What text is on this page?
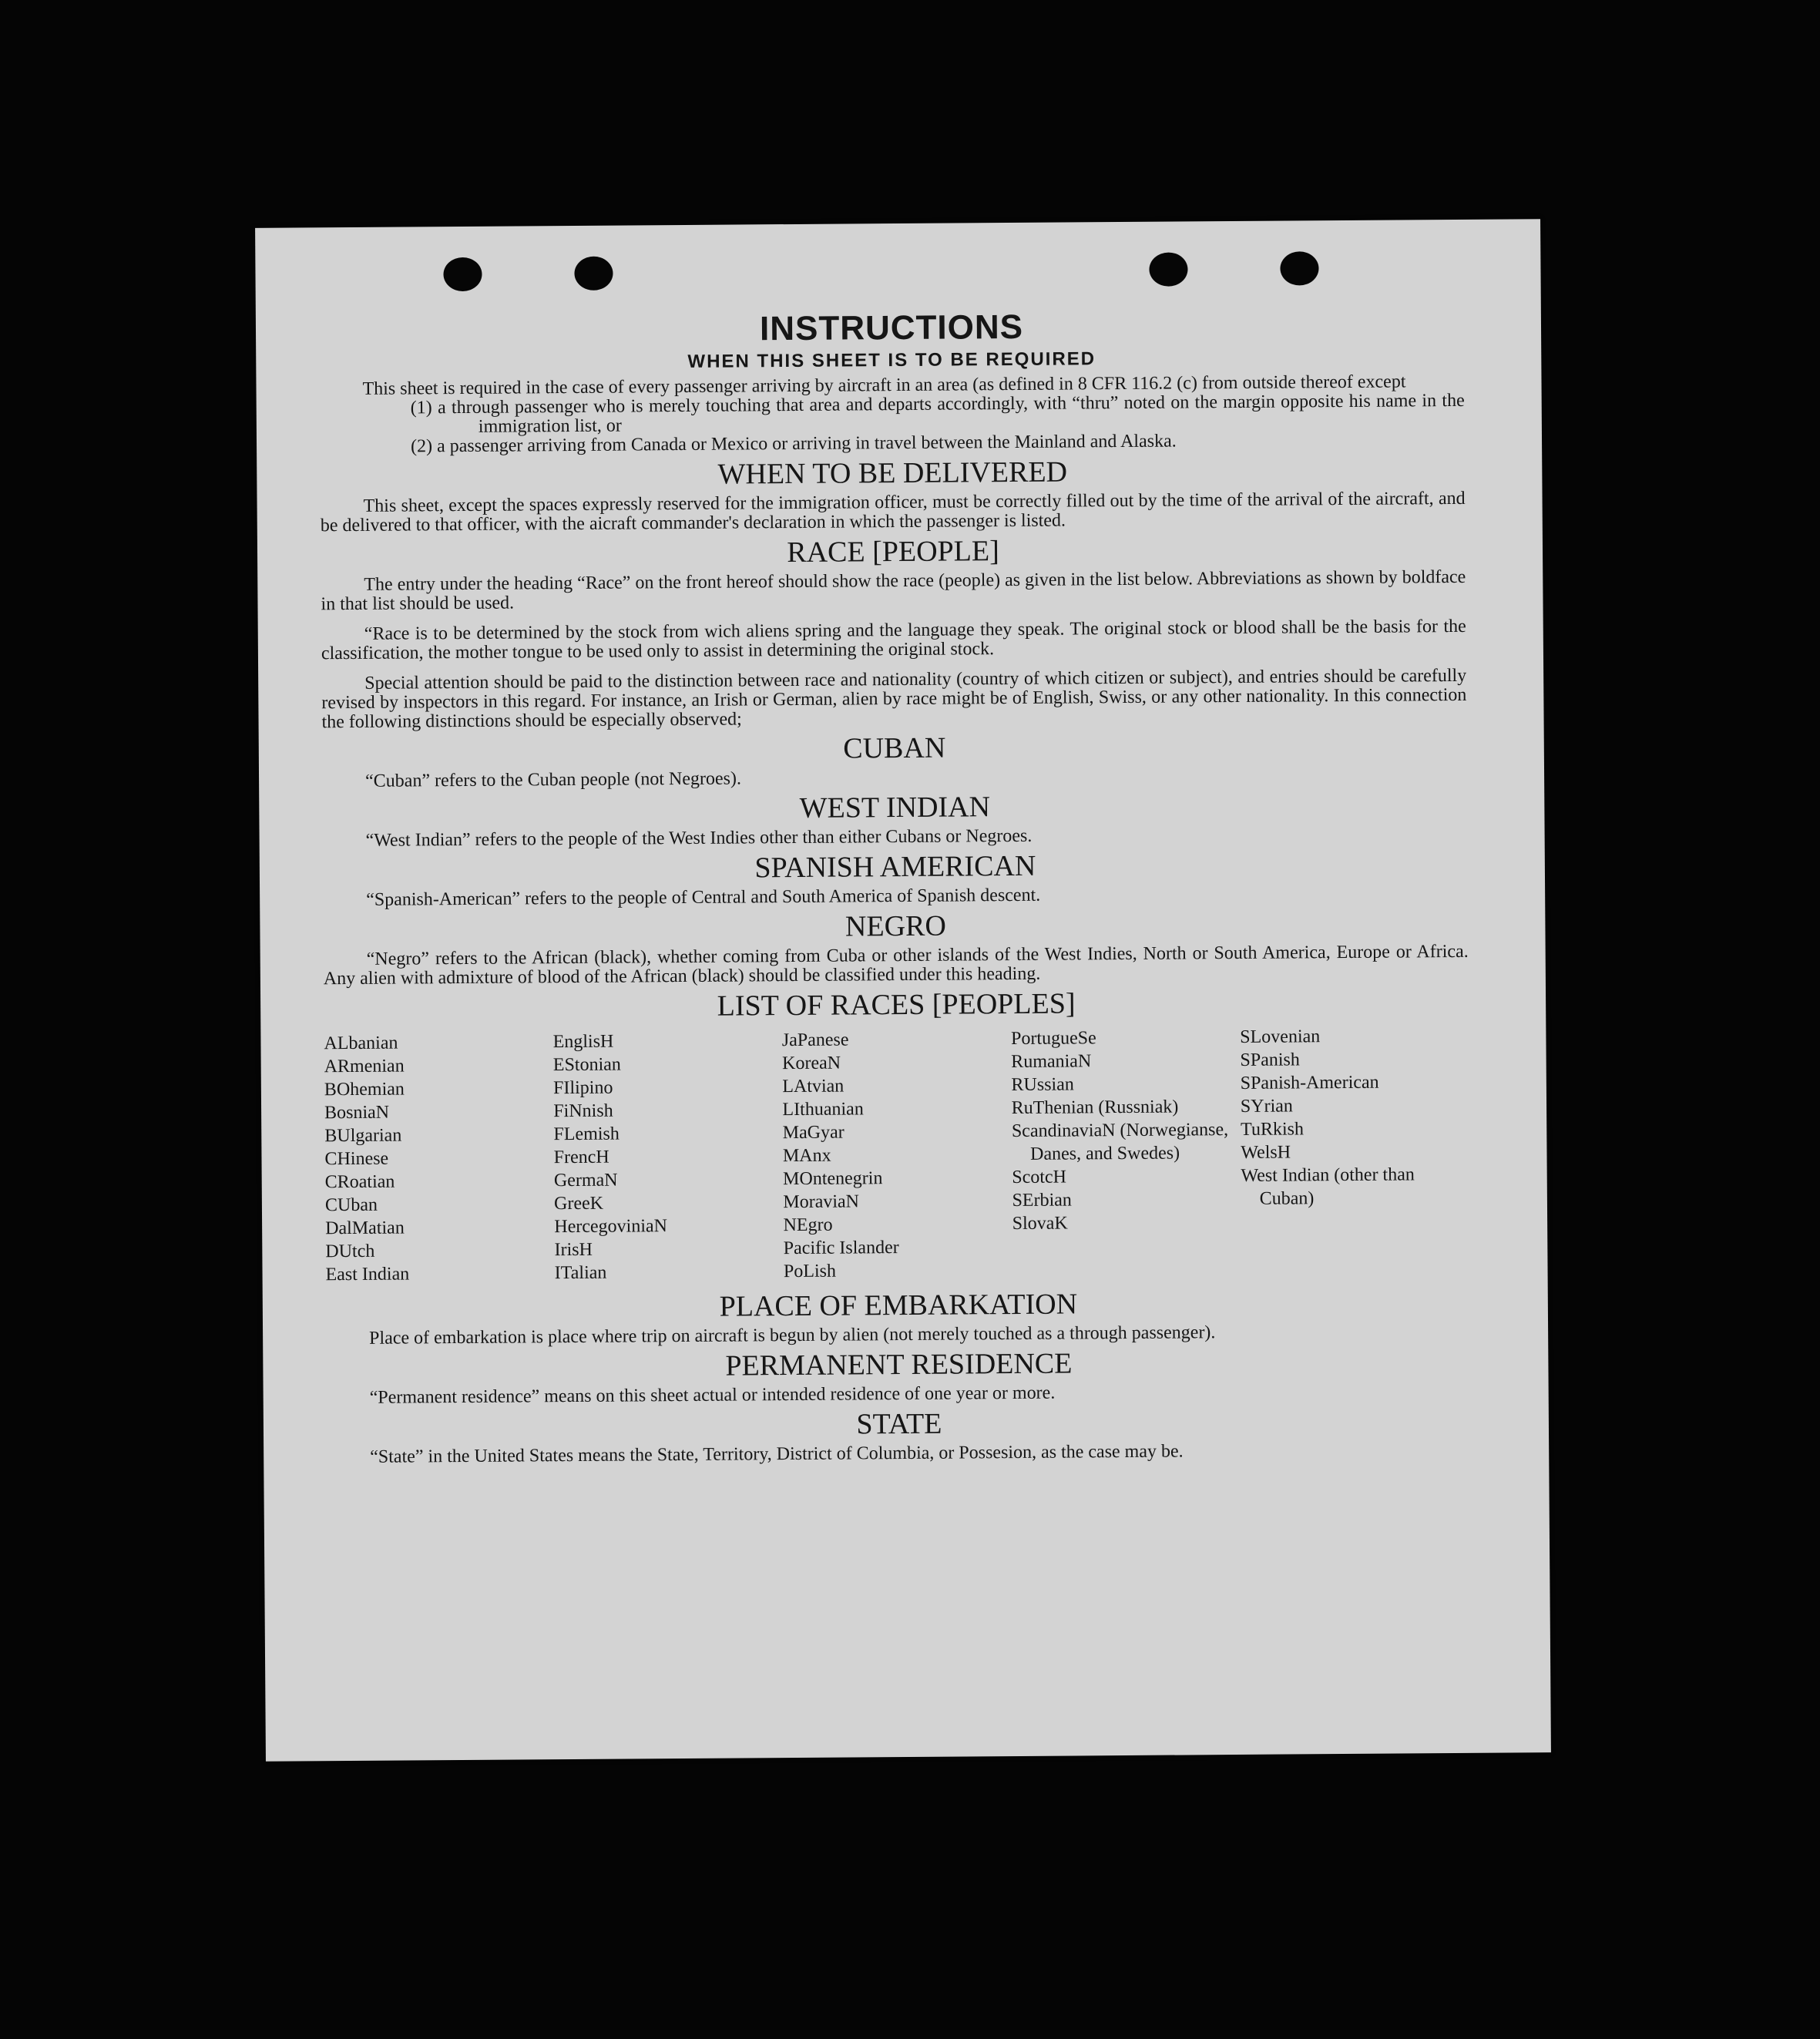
INSTRUCTIONS
WHEN THIS SHEET IS TO BE REQUIRED

This sheet is required in the case of every passenger arriving by aircraft in an area (as defined in 8 CFR 116.2 (c) from outside thereof except

(1) a through passenger who is merely touching that area and departs accordingly, with “thru” noted on the margin opposite his name in the immigration list, or
(2) a passenger arriving from Canada or Mexico or arriving in travel between the Mainland and Alaska.
WHEN TO BE DELIVERED

This sheet, except the spaces expressly reserved for the immigration officer, must be correctly filled out by the time of the arrival of the aircraft, and be delivered to that officer, with the aicraft commander's declaration in which the passenger is listed.

RACE [PEOPLE]

The entry under the heading “Race” on the front hereof should show the race (people) as given in the list below. Abbreviations as shown by boldface in that list should be used.

“Race is to be determined by the stock from wich aliens spring and the language they speak. The original stock or blood shall be the basis for the classification, the mother tongue to be used only to assist in determining the original stock.

Special attention should be paid to the distinction between race and nationality (country of which citizen or subject), and entries should be carefully revised by inspectors in this regard. For instance, an Irish or German, alien by race might be of English, Swiss, or any other nationality. In this connection the following distinctions should be especially observed;

CUBAN

“Cuban” refers to the Cuban people (not Negroes).

WEST INDIAN

“West Indian” refers to the people of the West Indies other than either Cubans or Negroes.

SPANISH AMERICAN

“Spanish-American” refers to the people of Central and South America of Spanish descent.

NEGRO

“Negro” refers to the African (black), whether coming from Cuba or other islands of the West Indies, North or South America, Europe or Africa. Any alien with admixture of blood of the African (black) should be classified under this heading.

LIST OF RACES [PEOPLES]
ALbanian
ARmenian
BOhemian
BosniaN
BUlgarian
CHinese
CRoatian
CUban
DalMatian
DUtch
East Indian
EnglisH
EStonian
FIlipino
FiNnish
FLemish
FrencH
GermaN
GreeK
HercegoviniaN
IrisH
ITalian
JaPanese
KoreaN
LAtvian
LIthuanian
MaGyar
MAnx
MOntenegrin
MoraviaN
NEgro
Pacific Islander
PoLish
PortugueSe
RumaniaN
RUssian
RuThenian (Russniak)
ScandinaviaN (Norwegianse, Danes, and Swedes)
ScotcH
SErbian
SlovaK
SLovenian
SPanish
SPanish-American
SYrian
TuRkish
WelsH
West Indian (other than Cuban)
PLACE OF EMBARKATION

Place of embarkation is place where trip on aircraft is begun by alien (not merely touched as a through passenger).

PERMANENT RESIDENCE

“Permanent residence” means on this sheet actual or intended residence of one year or more.

STATE

“State” in the United States means the State, Territory, District of Columbia, or Possesion, as the case may be.
